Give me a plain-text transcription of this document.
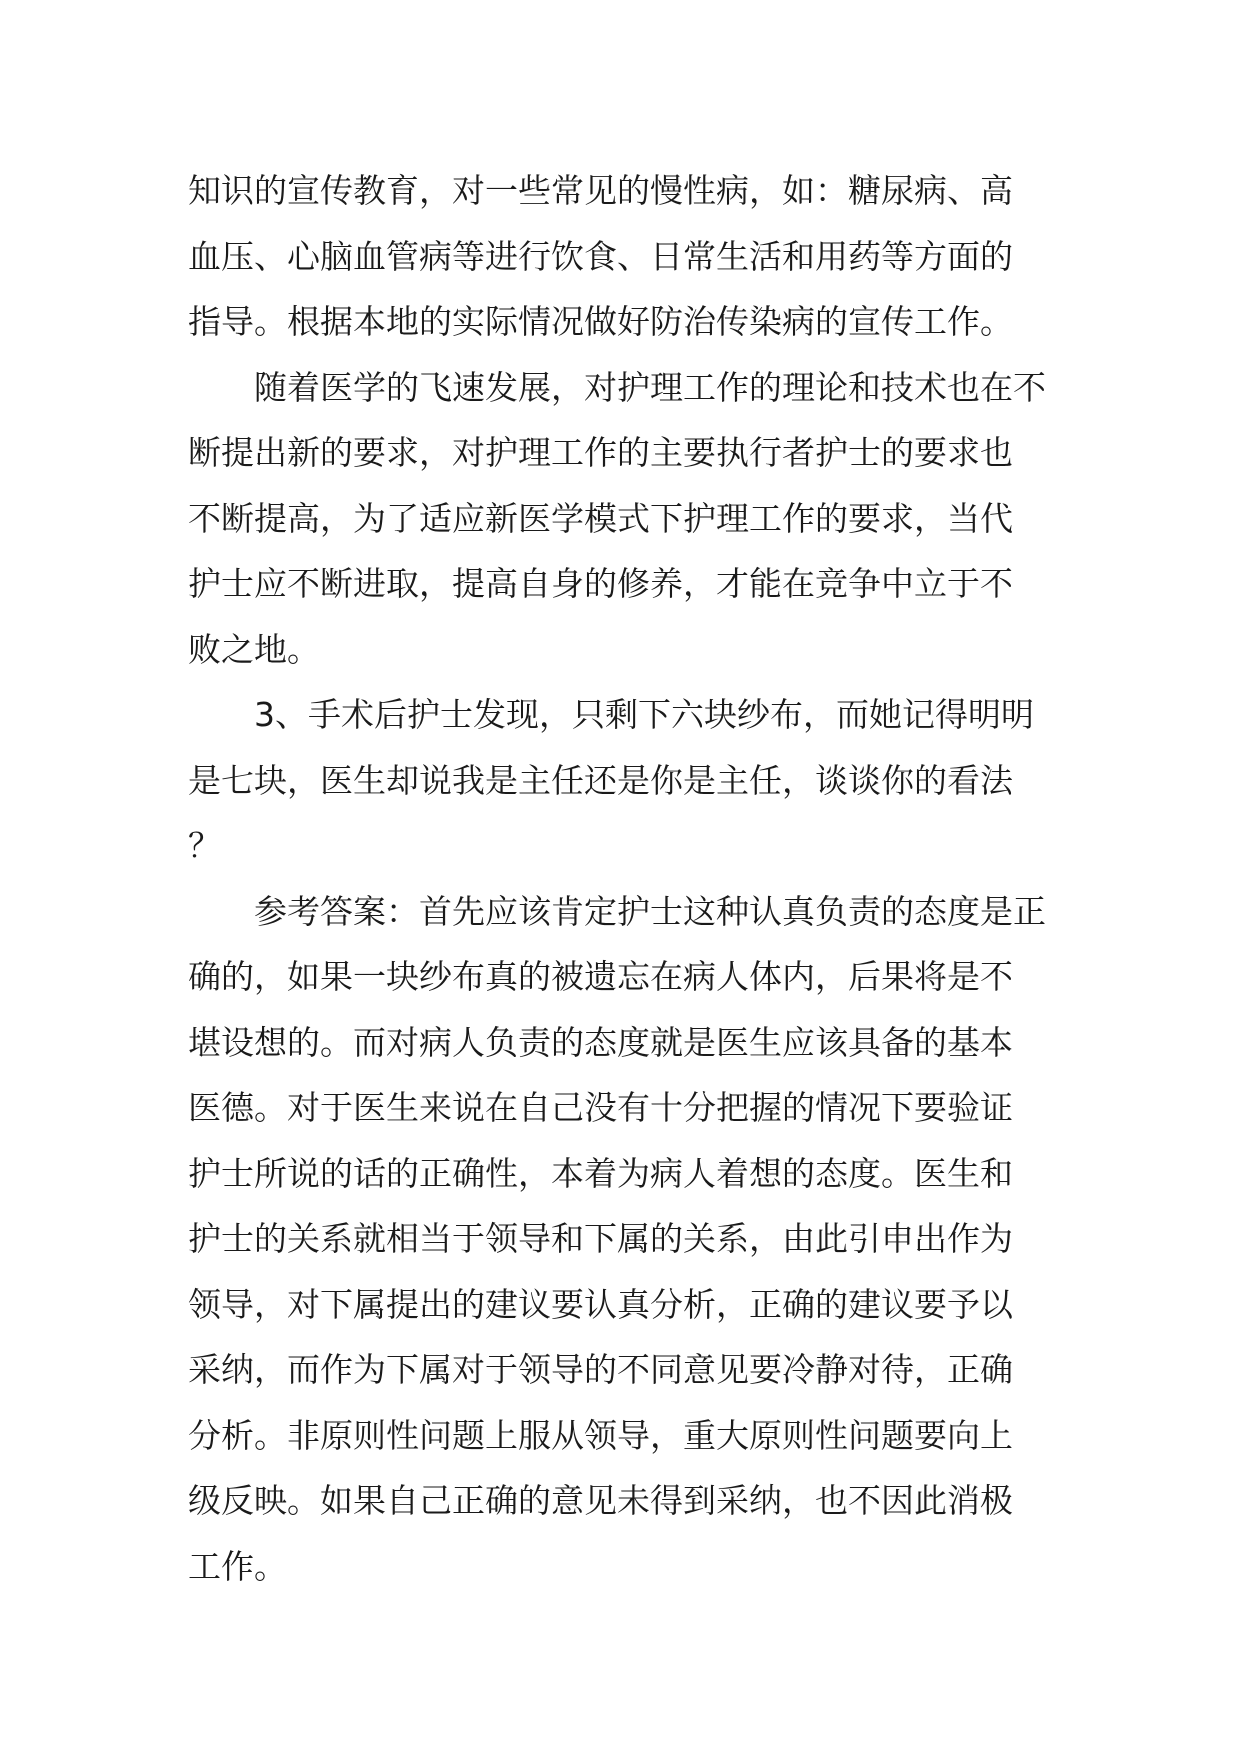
知识的宣传教育，对一些常见的慢性病，如：糖尿病、高
血压、心脑血管病等进行饮食、日常生活和用药等方面的
指导。根据本地的实际情况做好防治传染病的宣传工作。
　　随着医学的飞速发展，对护理工作的理论和技术也在不
断提出新的要求，对护理工作的主要执行者护士的要求也
不断提高，为了适应新医学模式下护理工作的要求，当代
护士应不断进取，提高自身的修养，才能在竞争中立于不
败之地。
　　3、手术后护士发现，只剩下六块纱布，而她记得明明
是七块，医生却说我是主任还是你是主任，谈谈你的看法
？
　　参考答案：首先应该肯定护士这种认真负责的态度是正
确的，如果一块纱布真的被遗忘在病人体内，后果将是不
堪设想的。而对病人负责的态度就是医生应该具备的基本
医德。对于医生来说在自己没有十分把握的情况下要验证
护士所说的话的正确性，本着为病人着想的态度。医生和
护士的关系就相当于领导和下属的关系，由此引申出作为
领导，对下属提出的建议要认真分析，正确的建议要予以
采纳，而作为下属对于领导的不同意见要冷静对待，正确
分析。非原则性问题上服从领导，重大原则性问题要向上
级反映。如果自己正确的意见未得到采纳，也不因此消极
工作。
